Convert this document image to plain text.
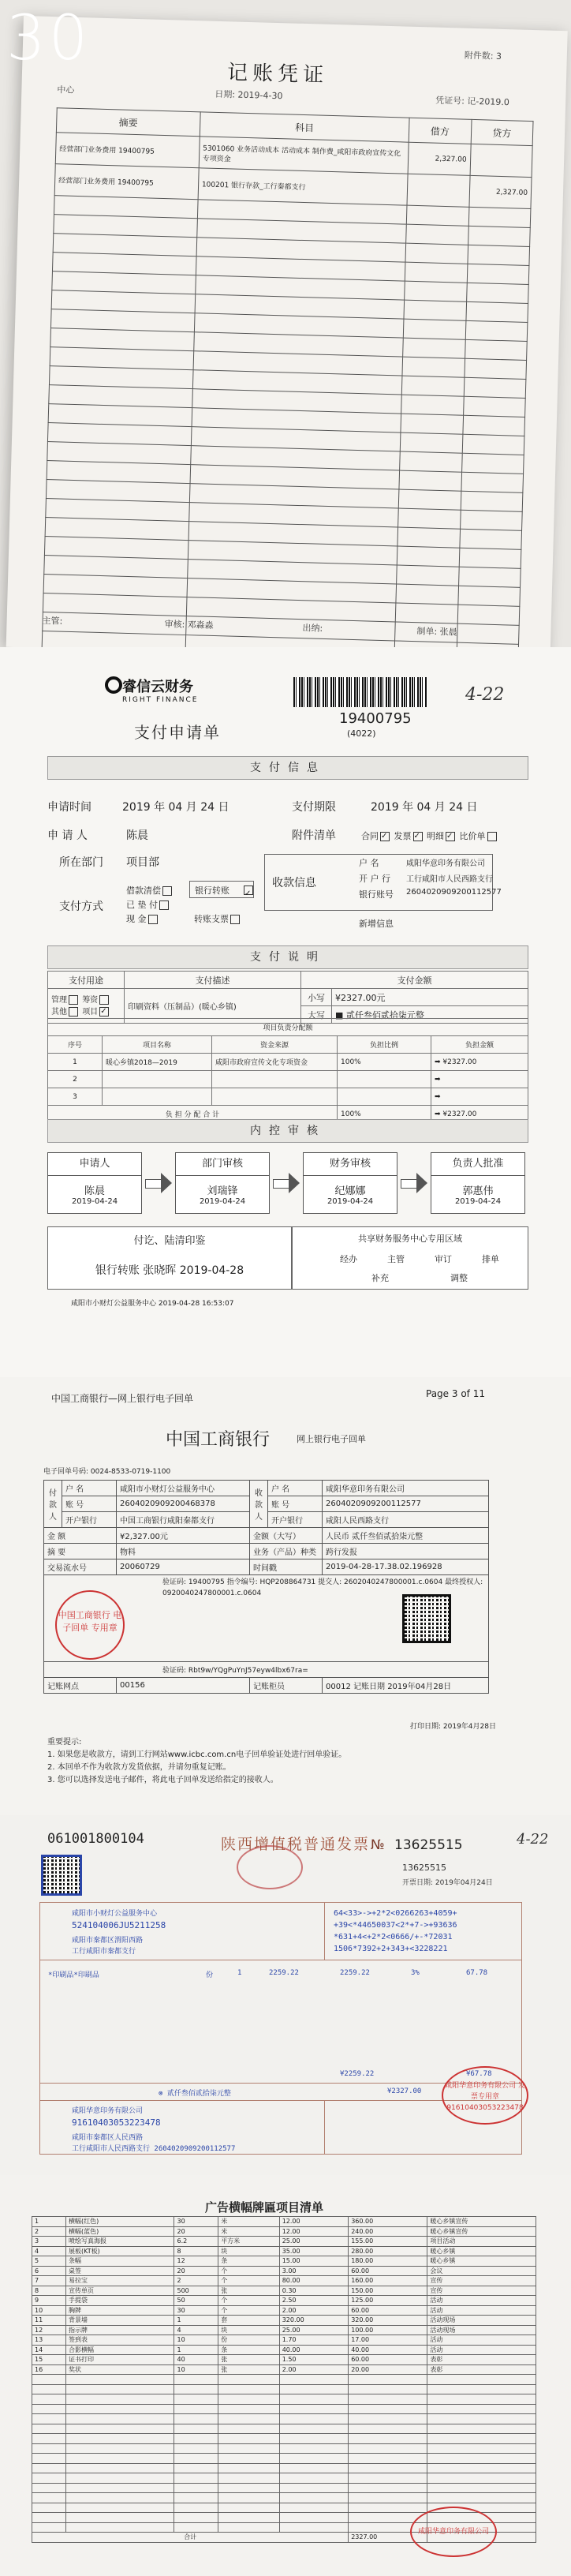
30
记账凭证
附件数: 3
中心	日期: 2019-4-30
凭证号: 记-2019.0
摘要	科目	借方	贷方
经营部门业务费用 19400795	5301060 业务活动成本 活动成本 制作费_咸阳市政府宣传文化专项资金	2,327.00	
经营部门业务费用 19400795	100201 银行存款_工行秦都支行		2,327.00

主管:	审核: 邓淼淼	出纳:	制单: 张晨
睿信云财务
RIGHT FINANCE
支付申请单
19400795
(4022)
4-22
支付信息
申请时间	2019 年 04 月 24 日	支付期限	2019 年 04 月 24 日
申 请 人	陈晨	附件清单	合同 ✓ 发票 ✓ 明细 ✓ 比价单
所在部门 项目部
支付方式
借款清偿
已 垫 付
现 金
银行转账
✓
转账支票
收款信息
户 名	咸阳华意印务有限公司
开 户 行 工行咸阳市人民西路支行
银行账号 2604020909200112577
新增信息
支付说明
支付用途	支付描述	支付金额	
管理 筹资
其他 项目✓	印刷资料（压制品）(暖心乡镇)	小写	¥2327.00元
		大写	■ 贰仟叁佰贰拾柒元整
项目负责分配额				
序号	项目名称	资金来源	负担比例	负担金额
1	暖心乡镇2018—2019	咸阳市政府宣传文化专项资金	100%	➡ ¥2327.00
2				➡
3				➡
负 担 分 配 合 计			100%	➡ ¥2327.00
内控审核
申请人
陈晨
2019-04-24
部门审核
刘瑞锋
2019-04-24
财务审核
纪娜娜
2019-04-24
负责人批准
郭惠伟
2019-04-24
付讫、陆清印鉴
银行转账 张晓晖 2019-04-28
共享财务服务中心专用区域
经办	主管	审订	排单
补充	调整
咸阳市小财灯公益服务中心 2019-04-28 16:53:07
中国工商银行—网上银行电子回单	Page 3 of 11
中国工商银行	网上银行电子回单
电子回单号码: 0024-8533-0719-1100
付款人	户 名	咸阳市小财灯公益服务中心	收款人	户 名	咸阳华意印务有限公司
	账 号	2604020909200468378		账 号	2604020909200112577
	开户银行	中国工商银行咸阳秦都支行		开户银行	咸阳人民西路支行
金 额		¥2,327.00元	金额（大写）		人民币 贰仟叁佰贰拾柒元整
摘 要		物料	业务（产品）种类		跨行发报
交易流水号		20060729	时间戳		2019-04-28-17.38.02.196928
验证码: 19400795 指令编号: HQP208864731 提交人: 2602040247800001.c.0604 最终授权人: 0920040247800001.c.0604					
验证码: Rbt9w/YQgPuYnJ57eyw4lbx67ra=					
记账网点		00156	记账柜员		00012 记账日期 2019年04月28日
中国工商银行 电子回单 专用章
打印日期: 2019年4月28日
重要提示:
1. 如果您是收款方，请到工行网站www.icbc.com.cn电子回单验证处进行回单验证。
2. 本回单不作为收款方发货依据，并请勿重复记账。
3. 您可以选择发送电子邮件，将此电子回单发送给指定的接收人。
061001800104	陕西增值税普通发票 № 13625515
13625515
开票日期: 2019年04月24日
4-22
咸阳市小财灯公益服务中心
524104006JU5211258
咸阳市秦都区渭阳西路
工行咸阳市秦都支行
64<33>->+2*2<0266263+4059+
+39<*44650037<2*+7->+93636
*631+4<+2*2<0666/+-*72031
1506*7392+2+343+<3228221
*印刷品*印刷品	份	1	2259.22	2259.22	3%	67.78
¥2259.22	¥67.78
⊗ 贰仟叁佰贰拾柒元整	¥2327.00
咸阳华意印务有限公司
91610403053223478
咸阳市秦都区人民西路
工行咸阳市人民西路支行 2604020909200112577
咸阳华意印务有限公司 发票专用章
91610403053223478
广告横幅牌匾项目清单
1	横幅(红色)	30	米	12.00	360.00	暖心乡镇宣传
2	横幅(蓝色)	20	米	12.00	240.00	暖心乡镇宣传
3	喷绘写真海报	6.2	平方米	25.00	155.00	项目活动
4	展板(KT板)	8	块	35.00	280.00	暖心乡镇
5	条幅	12	条	15.00	180.00	暖心乡镇
6	桌签	20	个	3.00	60.00	会议
7	易拉宝	2	个	80.00	160.00	宣传
8	宣传单页	500	张	0.30	150.00	宣传
9	手提袋	50	个	2.50	125.00	活动
10	胸牌	30	个	2.00	60.00	活动
11	背景墙	1	套	320.00	320.00	活动现场
12	指示牌	4	块	25.00	100.00	活动现场
13	签到表	10	份	1.70	17.00	活动
14	合影横幅	1	条	40.00	40.00	活动
15	证书打印	40	张	1.50	60.00	表彰
16	奖状	10	张	2.00	20.00	表彰

合计					2327.00	
咸阳华意印务有限公司
